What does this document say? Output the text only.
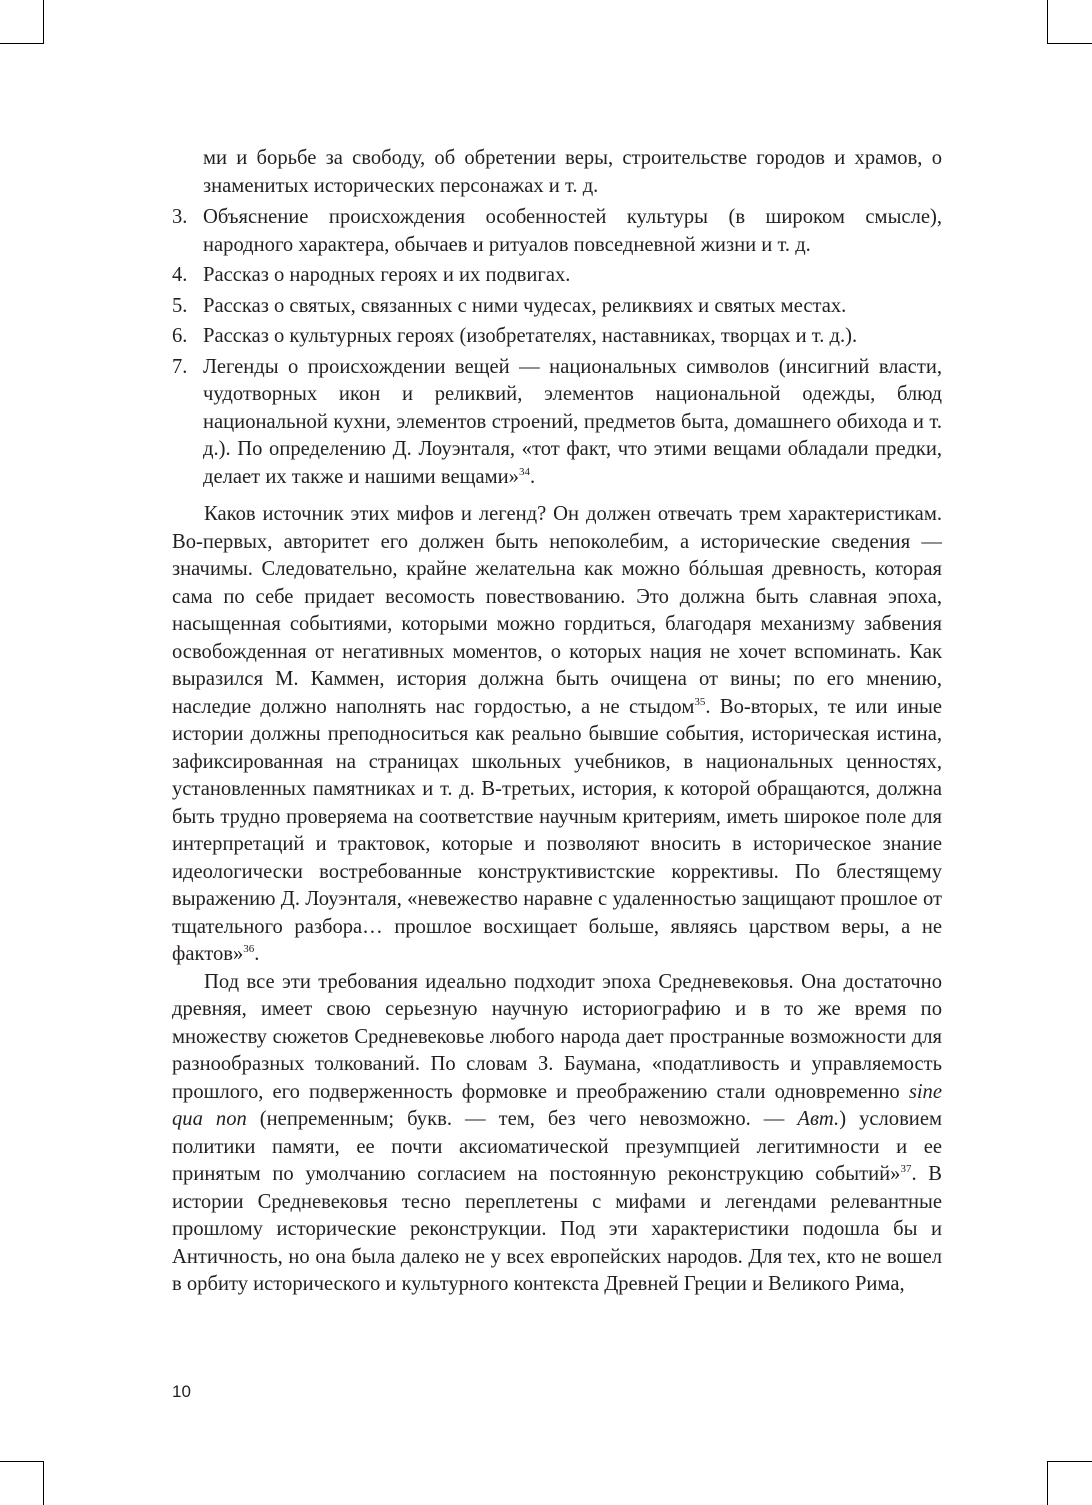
ми и борьбе за свободу, об обретении веры, строительстве городов и храмов, о знаменитых исторических персонажах и т. д.

3. Объяснение происхождения особенностей культуры (в широком смысле), народного характера, обычаев и ритуалов повседневной жизни и т. д.
4. Рассказ о народных героях и их подвигах.
5. Рассказ о святых, связанных с ними чудесах, реликвиях и святых местах.
6. Рассказ о культурных героях (изобретателях, наставниках, творцах и т. д.).
7. Легенды о происхождении вещей — национальных символов (инсигний власти, чудотворных икон и реликвий, элементов национальной одежды, блюд национальной кухни, элементов строений, предметов быта, домашнего обихода и т. д.). По определению Д. Лоуэнталя, «тот факт, что этими вещами обладали предки, делает их также и нашими вещами»$^{34}$.

Каков источник этих мифов и легенд? Он должен отвечать трем характеристикам. Во-первых, авторитет его должен быть непоколебим, а исторические сведения — значимы. Следовательно, крайне желательна как можно бóльшая древность, которая сама по себе придает весомость повествованию. Это должна быть славная эпоха, насыщенная событиями, которыми можно гордиться, благодаря механизму забвения освобожденная от негативных моментов, о которых нация не хочет вспоминать. Как выразился М. Каммен, история должна быть очищена от вины; по его мнению, наследие должно наполнять нас гордостью, а не стыдом$^{35}$. Во-вторых, те или иные истории должны преподноситься как реально бывшие события, историческая истина, зафиксированная на страницах школьных учебников, в национальных ценностях, установленных памятниках и т. д. В-третьих, история, к которой обращаются, должна быть трудно проверяема на соответствие научным критериям, иметь широкое поле для интерпретаций и трактовок, которые и позволяют вносить в историческое знание идеологически востребованные конструктивистские коррективы. По блестящему выражению Д. Лоуэнталя, «невежество наравне с удаленностью защищают прошлое от тщательного разбора… прошлое восхищает больше, являясь царством веры, а не фактов»$^{36}$.

Под все эти требования идеально подходит эпоха Средневековья. Она достаточно древняя, имеет свою серьезную научную историографию и в то же время по множеству сюжетов Средневековье любого народа дает пространные возможности для разнообразных толкований. По словам З. Баумана, «податливость и управляемость прошлого, его подверженность формовке и преображению стали одновременно sine qua non (непременным; букв. — тем, без чего невозможно. — Авт.) условием политики памяти, ее почти аксиоматической презумпцией легитимности и ее принятым по умолчанию согласием на постоянную реконструкцию событий»$^{37}$. В истории Средневековья тесно переплетены с мифами и легендами релевантные прошлому исторические реконструкции. Под эти характеристики подошла бы и Античность, но она была далеко не у всех европейских народов. Для тех, кто не вошел в орбиту исторического и культурного контекста Древней Греции и Великого Рима,

10
